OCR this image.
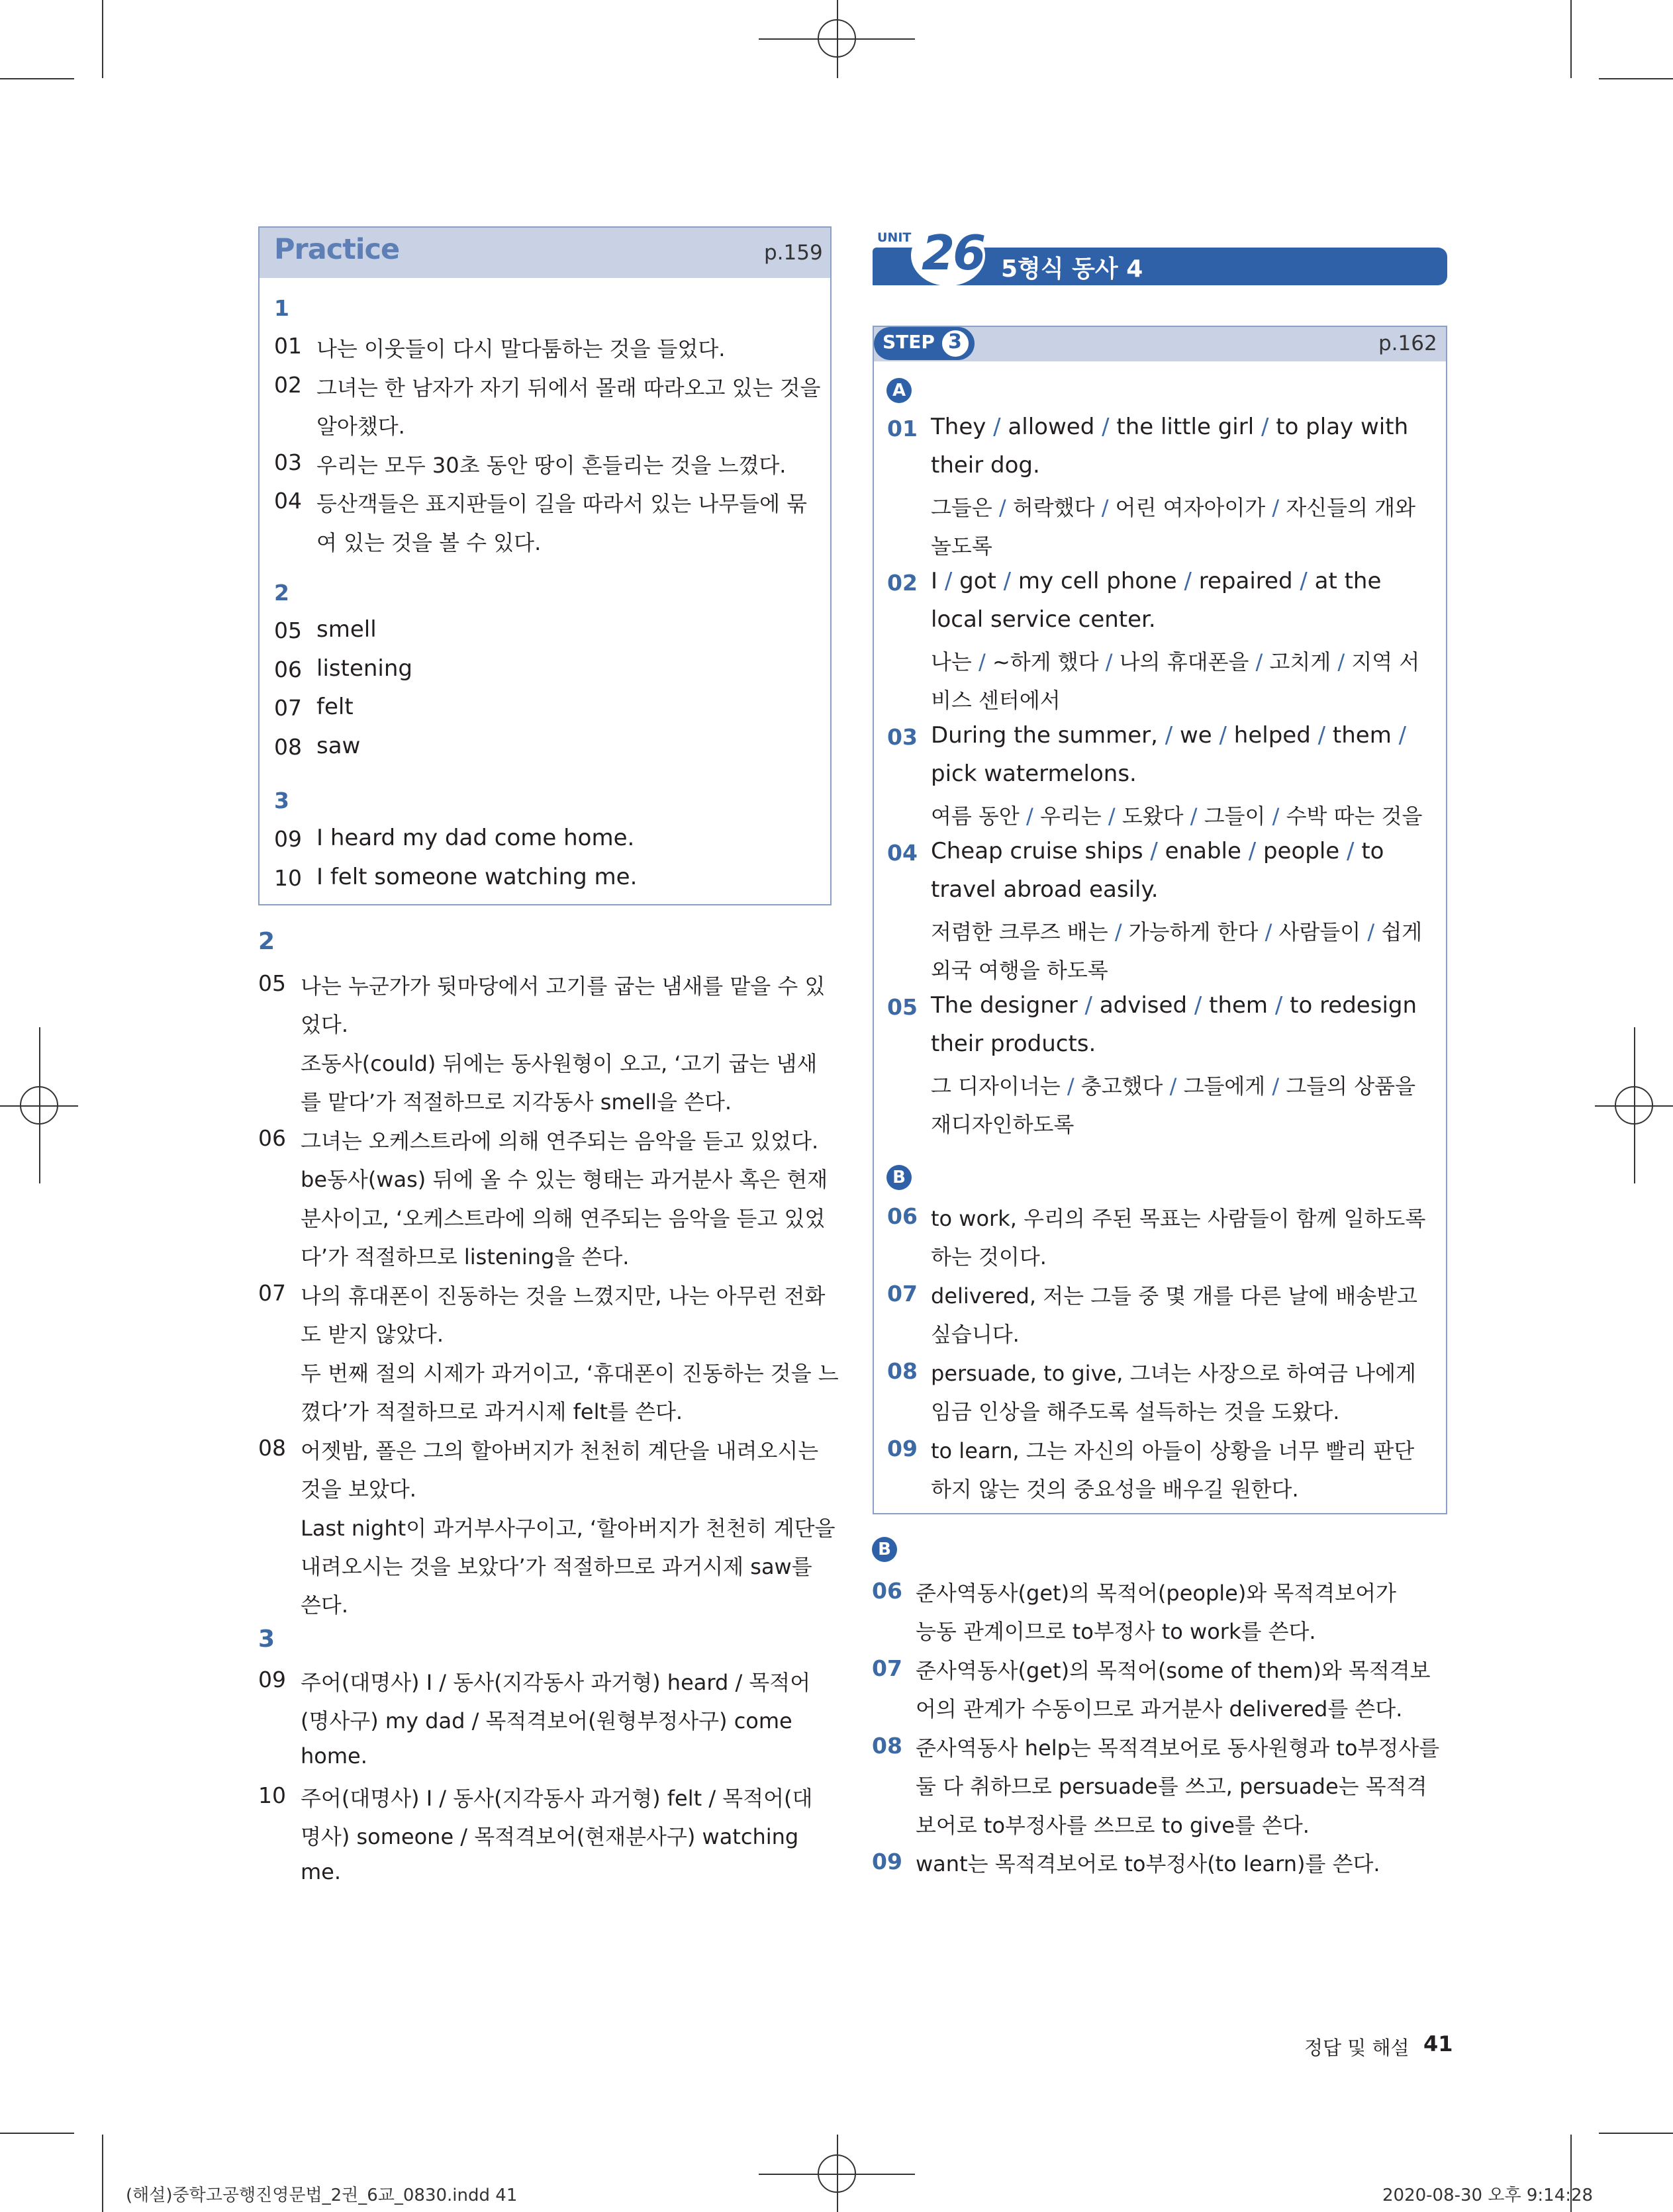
Practice	p.159
1
01 나는 이웃들이 다시 말다툼하는 것을 들었다.
02 그녀는 한 남자가 자기 뒤에서 몰래 따라오고 있는 것을
알아챘다.
03 우리는 모두 30초 동안 땅이 흔들리는 것을 느꼈다.
04 등산객들은 표지판들이 길을 따라서 있는 나무들에 묶
여 있는 것을 볼 수 있다.
2
05 smell
06 listening
07 felt
08 saw
3
09 I heard my dad come home.
10 I felt someone watching me.
2
05 나는 누군가가 뒷마당에서 고기를 굽는 냄새를 맡을 수 있
었다.
조동사(could) 뒤에는 동사원형이 오고, ‘고기 굽는 냄새
를 맡다’가 적절하므로 지각동사 smell을 쓴다.
06 그녀는 오케스트라에 의해 연주되는 음악을 듣고 있었다.
be동사(was) 뒤에 올 수 있는 형태는 과거분사 혹은 현재
분사이고, ‘오케스트라에 의해 연주되는 음악을 듣고 있었
다’가 적절하므로 listening을 쓴다.
07 나의 휴대폰이 진동하는 것을 느꼈지만, 나는 아무런 전화
도 받지 않았다.
두 번째 절의 시제가 과거이고, ‘휴대폰이 진동하는 것을 느
꼈다’가 적절하므로 과거시제 felt를 쓴다.
08 어젯밤, 폴은 그의 할아버지가 천천히 계단을 내려오시는
것을 보았다.
Last night이 과거부사구이고, ‘할아버지가 천천히 계단을
내려오시는 것을 보았다’가 적절하므로 과거시제 saw를
쓴다.
3
09 주어(대명사) I / 동사(지각동사 과거형) heard / 목적어
(명사구) my dad / 목적격보어(원형부정사구) come
home.
10 주어(대명사) I / 동사(지각동사 과거형) felt / 목적어(대
명사) someone / 목적격보어(현재분사구) watching
me.
UNIT 26 5형식 동사 4
STEP 3	p.162
A
01 They / allowed / the little girl / to play with
their dog.
그들은 / 허락했다 / 어린 여자아이가 / 자신들의 개와
놀도록
02 I / got / my cell phone / repaired / at the
local service center.
나는 / ~하게 했다 / 나의 휴대폰을 / 고치게 / 지역 서
비스 센터에서
03 During the summer, / we / helped / them /
pick watermelons.
여름 동안 / 우리는 / 도왔다 / 그들이 / 수박 따는 것을
04 Cheap cruise ships / enable / people / to
travel abroad easily.
저렴한 크루즈 배는 / 가능하게 한다 / 사람들이 / 쉽게
외국 여행을 하도록
05 The designer / advised / them / to redesign
their products.
그 디자이너는 / 충고했다 / 그들에게 / 그들의 상품을
재디자인하도록
B
06 to work, 우리의 주된 목표는 사람들이 함께 일하도록
하는 것이다.
07 delivered, 저는 그들 중 몇 개를 다른 날에 배송받고
싶습니다.
08 persuade, to give, 그녀는 사장으로 하여금 나에게
임금 인상을 해주도록 설득하는 것을 도왔다.
09 to learn, 그는 자신의 아들이 상황을 너무 빨리 판단
하지 않는 것의 중요성을 배우길 원한다.
B
06 준사역동사(get)의 목적어(people)와 목적격보어가
능동 관계이므로 to부정사 to work를 쓴다.
07 준사역동사(get)의 목적어(some of them)와 목적격보
어의 관계가 수동이므로 과거분사 delivered를 쓴다.
08 준사역동사 help는 목적격보어로 동사원형과 to부정사를
둘 다 취하므로 persuade를 쓰고, persuade는 목적격
보어로 to부정사를 쓰므로 to give를 쓴다.
09 want는 목적격보어로 to부정사(to learn)를 쓴다.
정답 및 해설 41
(해설)중학고공행진영문법_2권_6교_0830.indd 41	2020-08-30 오후 9:14:28
